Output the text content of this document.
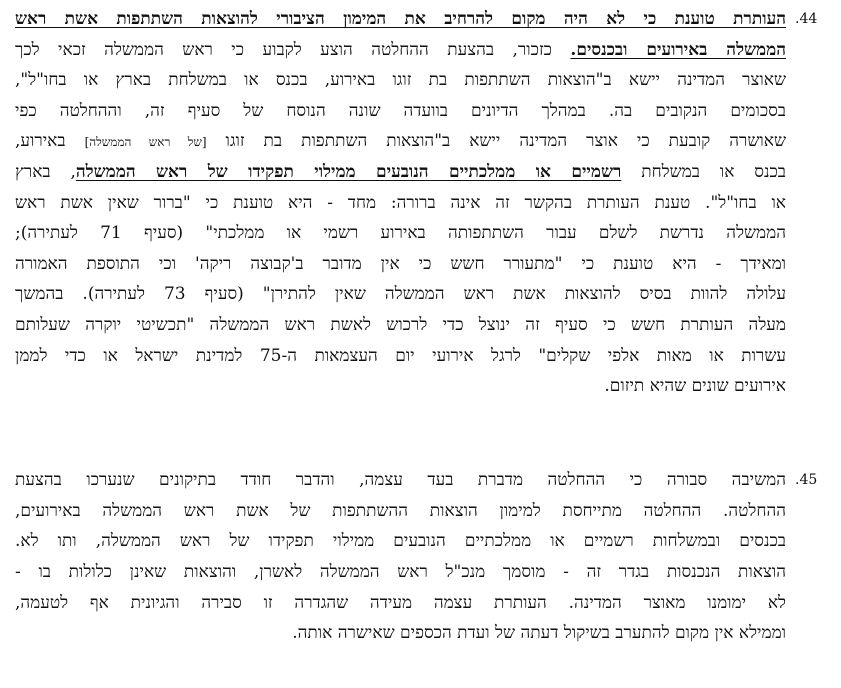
.44
העותרת טוענת כי לא היה מקום להרחיב את המימון הציבורי להוצאות השתתפות אשת ראש
הממשלה באירועים ובכנסים. כזכור, בהצעת ההחלטה הוצע לקבוע כי ראש הממשלה זכאי לכך
שאוצר המדינה יישא ב"הוצאות השתתפות בת זוגו באירוע, בכנס או במשלחת בארץ או בחו"ל",
בסכומים הנקובים בה. במהלך הדיונים בוועדה שונה הנוסח של סעיף זה, וההחלטה כפי
שאושרה קובעת כי אוצר המדינה יישא ב"הוצאות השתתפות בת זוגו [של ראש הממשלה] באירוע,
בכנס או במשלחת רשמיים או ממלכתיים הנובעים ממילוי תפקידו של ראש הממשלה, בארץ
או בחו"ל". טענת העותרת בהקשר זה אינה ברורה: מחד - היא טוענת כי "ברור שאין אשת ראש
הממשלה נדרשת לשלם עבור השתתפותה באירוע רשמי או ממלכתי" (סעיף 71 לעתירה);
ומאידך - היא טוענת כי "מתעורר חשש כי אין מדובר ב'קבוצה ריקה' וכי התוספת האמורה
עלולה להוות בסיס להוצאות אשת ראש הממשלה שאין להתירן" (סעיף 73 לעתירה). בהמשך
מעלה העותרת חשש כי סעיף זה ינוצל כדי לרכוש לאשת ראש הממשלה "תכשיטי יוקרה שעלותם
עשרות או מאות אלפי שקלים" לרגל אירועי יום העצמאות ה-75 למדינת ישראל או כדי לממן
אירועים שונים שהיא תיזום.
.45
המשיבה סבורה כי ההחלטה מדברת בעד עצמה, והדבר חודד בתיקונים שנערכו בהצעת
ההחלטה. ההחלטה מתייחסת למימון הוצאות ההשתתפות של אשת ראש הממשלה באירועים,
בכנסים ובמשלחות רשמיים או ממלכתיים הנובעים ממילוי תפקידו של ראש הממשלה, ותו לא.
הוצאות הנכנסות בגדר זה - מוסמך מנכ"ל ראש הממשלה לאשרן, והוצאות שאינן כלולות בו -
לא ימומנו מאוצר המדינה. העותרת עצמה מעידה שהגדרה זו סבירה והגיונית אף לטעמה,
וממילא אין מקום להתערב בשיקול דעתה של ועדת הכספים שאישרה אותה.
